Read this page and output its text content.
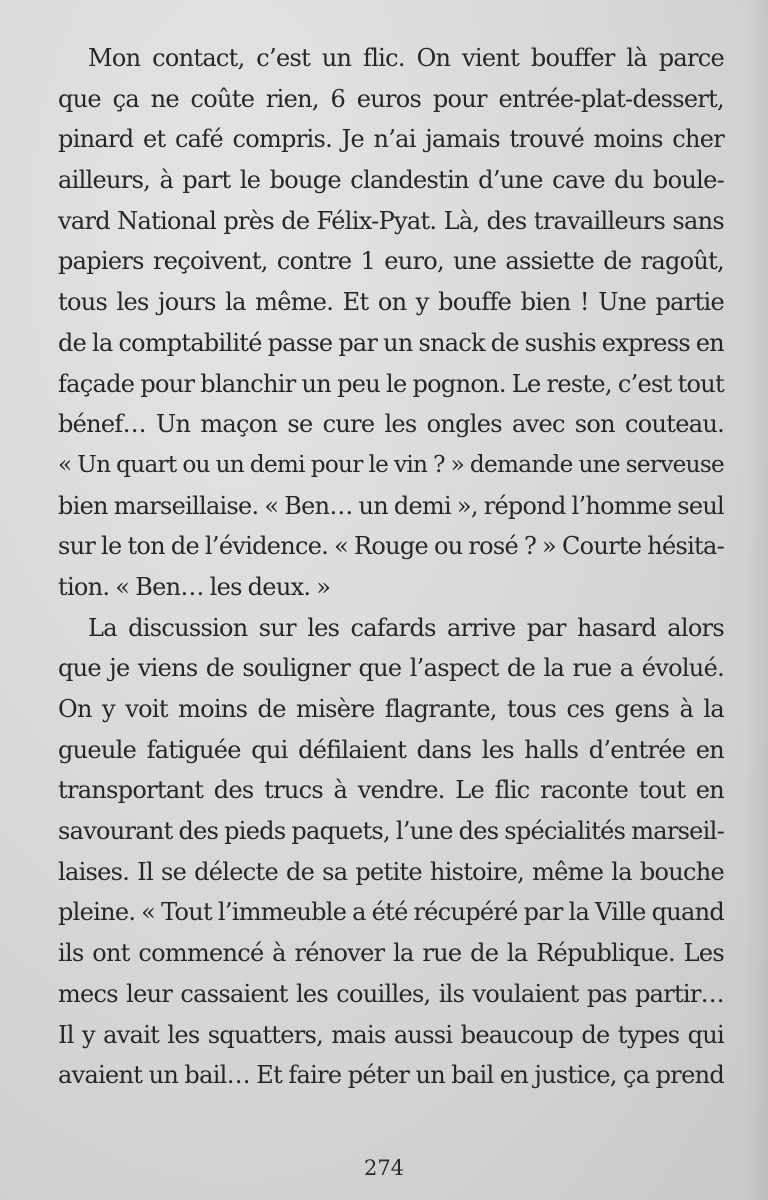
Mon contact, c’est un flic. On vient bouffer là parce
que ça ne coûte rien, 6 euros pour entrée-plat-dessert,
pinard et café compris. Je n’ai jamais trouvé moins cher
ailleurs, à part le bouge clandestin d’une cave du boule-
vard National près de Félix-Pyat. Là, des travailleurs sans
papiers reçoivent, contre 1 euro, une assiette de ragoût,
tous les jours la même. Et on y bouffe bien ! Une partie
de la comptabilité passe par un snack de sushis express en
façade pour blanchir un peu le pognon. Le reste, c’est tout
bénef… Un maçon se cure les ongles avec son couteau.
« Un quart ou un demi pour le vin ? » demande une serveuse
bien marseillaise. « Ben… un demi », répond l’homme seul
sur le ton de l’évidence. « Rouge ou rosé ? » Courte hésita-
tion. « Ben… les deux. »
La discussion sur les cafards arrive par hasard alors
que je viens de souligner que l’aspect de la rue a évolué.
On y voit moins de misère flagrante, tous ces gens à la
gueule fatiguée qui défilaient dans les halls d’entrée en
transportant des trucs à vendre. Le flic raconte tout en
savourant des pieds paquets, l’une des spécialités marseil-
laises. Il se délecte de sa petite histoire, même la bouche
pleine. « Tout l’immeuble a été récupéré par la Ville quand
ils ont commencé à rénover la rue de la République. Les
mecs leur cassaient les couilles, ils voulaient pas partir…
Il y avait les squatters, mais aussi beaucoup de types qui
avaient un bail… Et faire péter un bail en justice, ça prend
274
